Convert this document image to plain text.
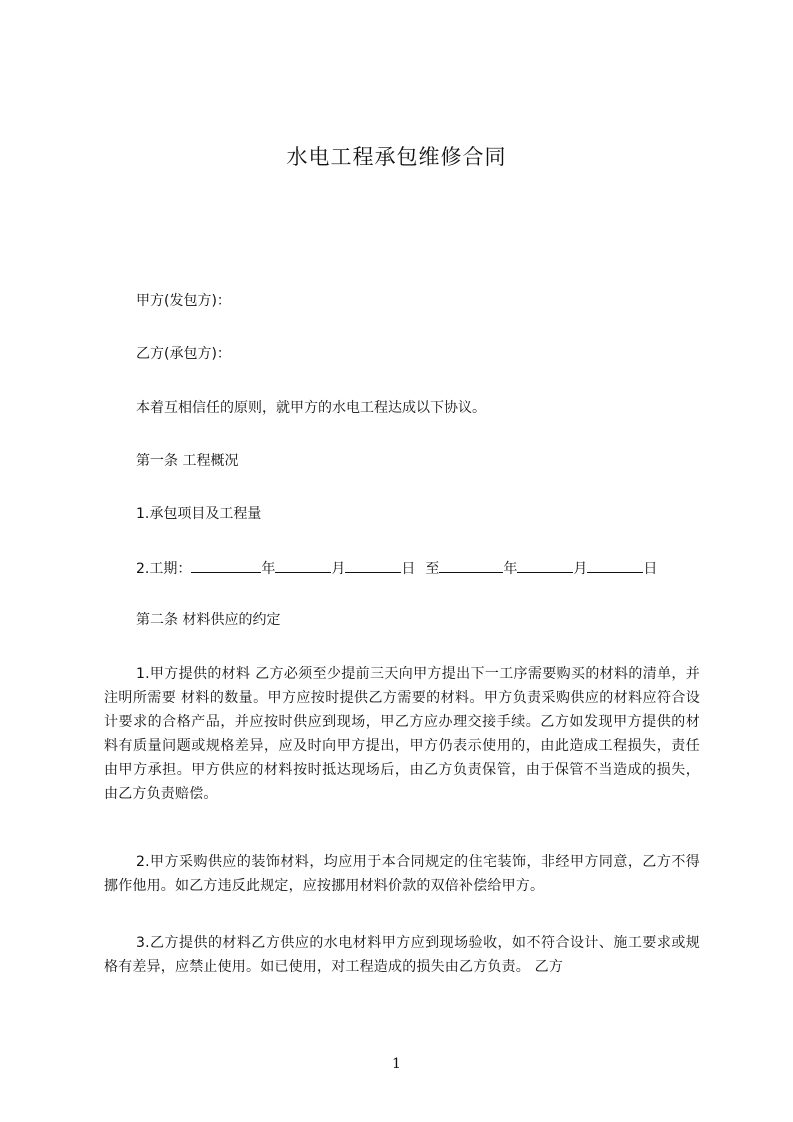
水电工程承包维修合同
甲方(发包方)：
乙方(承包方)：
本着互相信任的原则，就甲方的水电工程达成以下协议。
第一条 工程概况
1.承包项目及工程量
2.工期：	年	月	日 至	年	月	日
第二条 材料供应的约定
1.甲方提供的材料 乙方必须至少提前三天向甲方提出下一工序需要购买的材料的清单，并注明所需要 材料的数量。甲方应按时提供乙方需要的材料。甲方负责采购供应的材料应符合设计要求的合格产品，并应按时供应到现场，甲乙方应办理交接手续。乙方如发现甲方提供的材料有质量问题或规格差异，应及时向甲方提出，甲方仍表示使用的，由此造成工程损失，责任由甲方承担。甲方供应的材料按时抵达现场后，由乙方负责保管，由于保管不当造成的损失，由乙方负责赔偿。
2.甲方采购供应的装饰材料，均应用于本合同规定的住宅装饰，非经甲方同意，乙方不得挪作他用。如乙方违反此规定，应按挪用材料价款的双倍补偿给甲方。
3.乙方提供的材料乙方供应的水电材料甲方应到现场验收，如不符合设计、施工要求或规格有差异，应禁止使用。如已使用，对工程造成的损失由乙方负责。 乙方
1
